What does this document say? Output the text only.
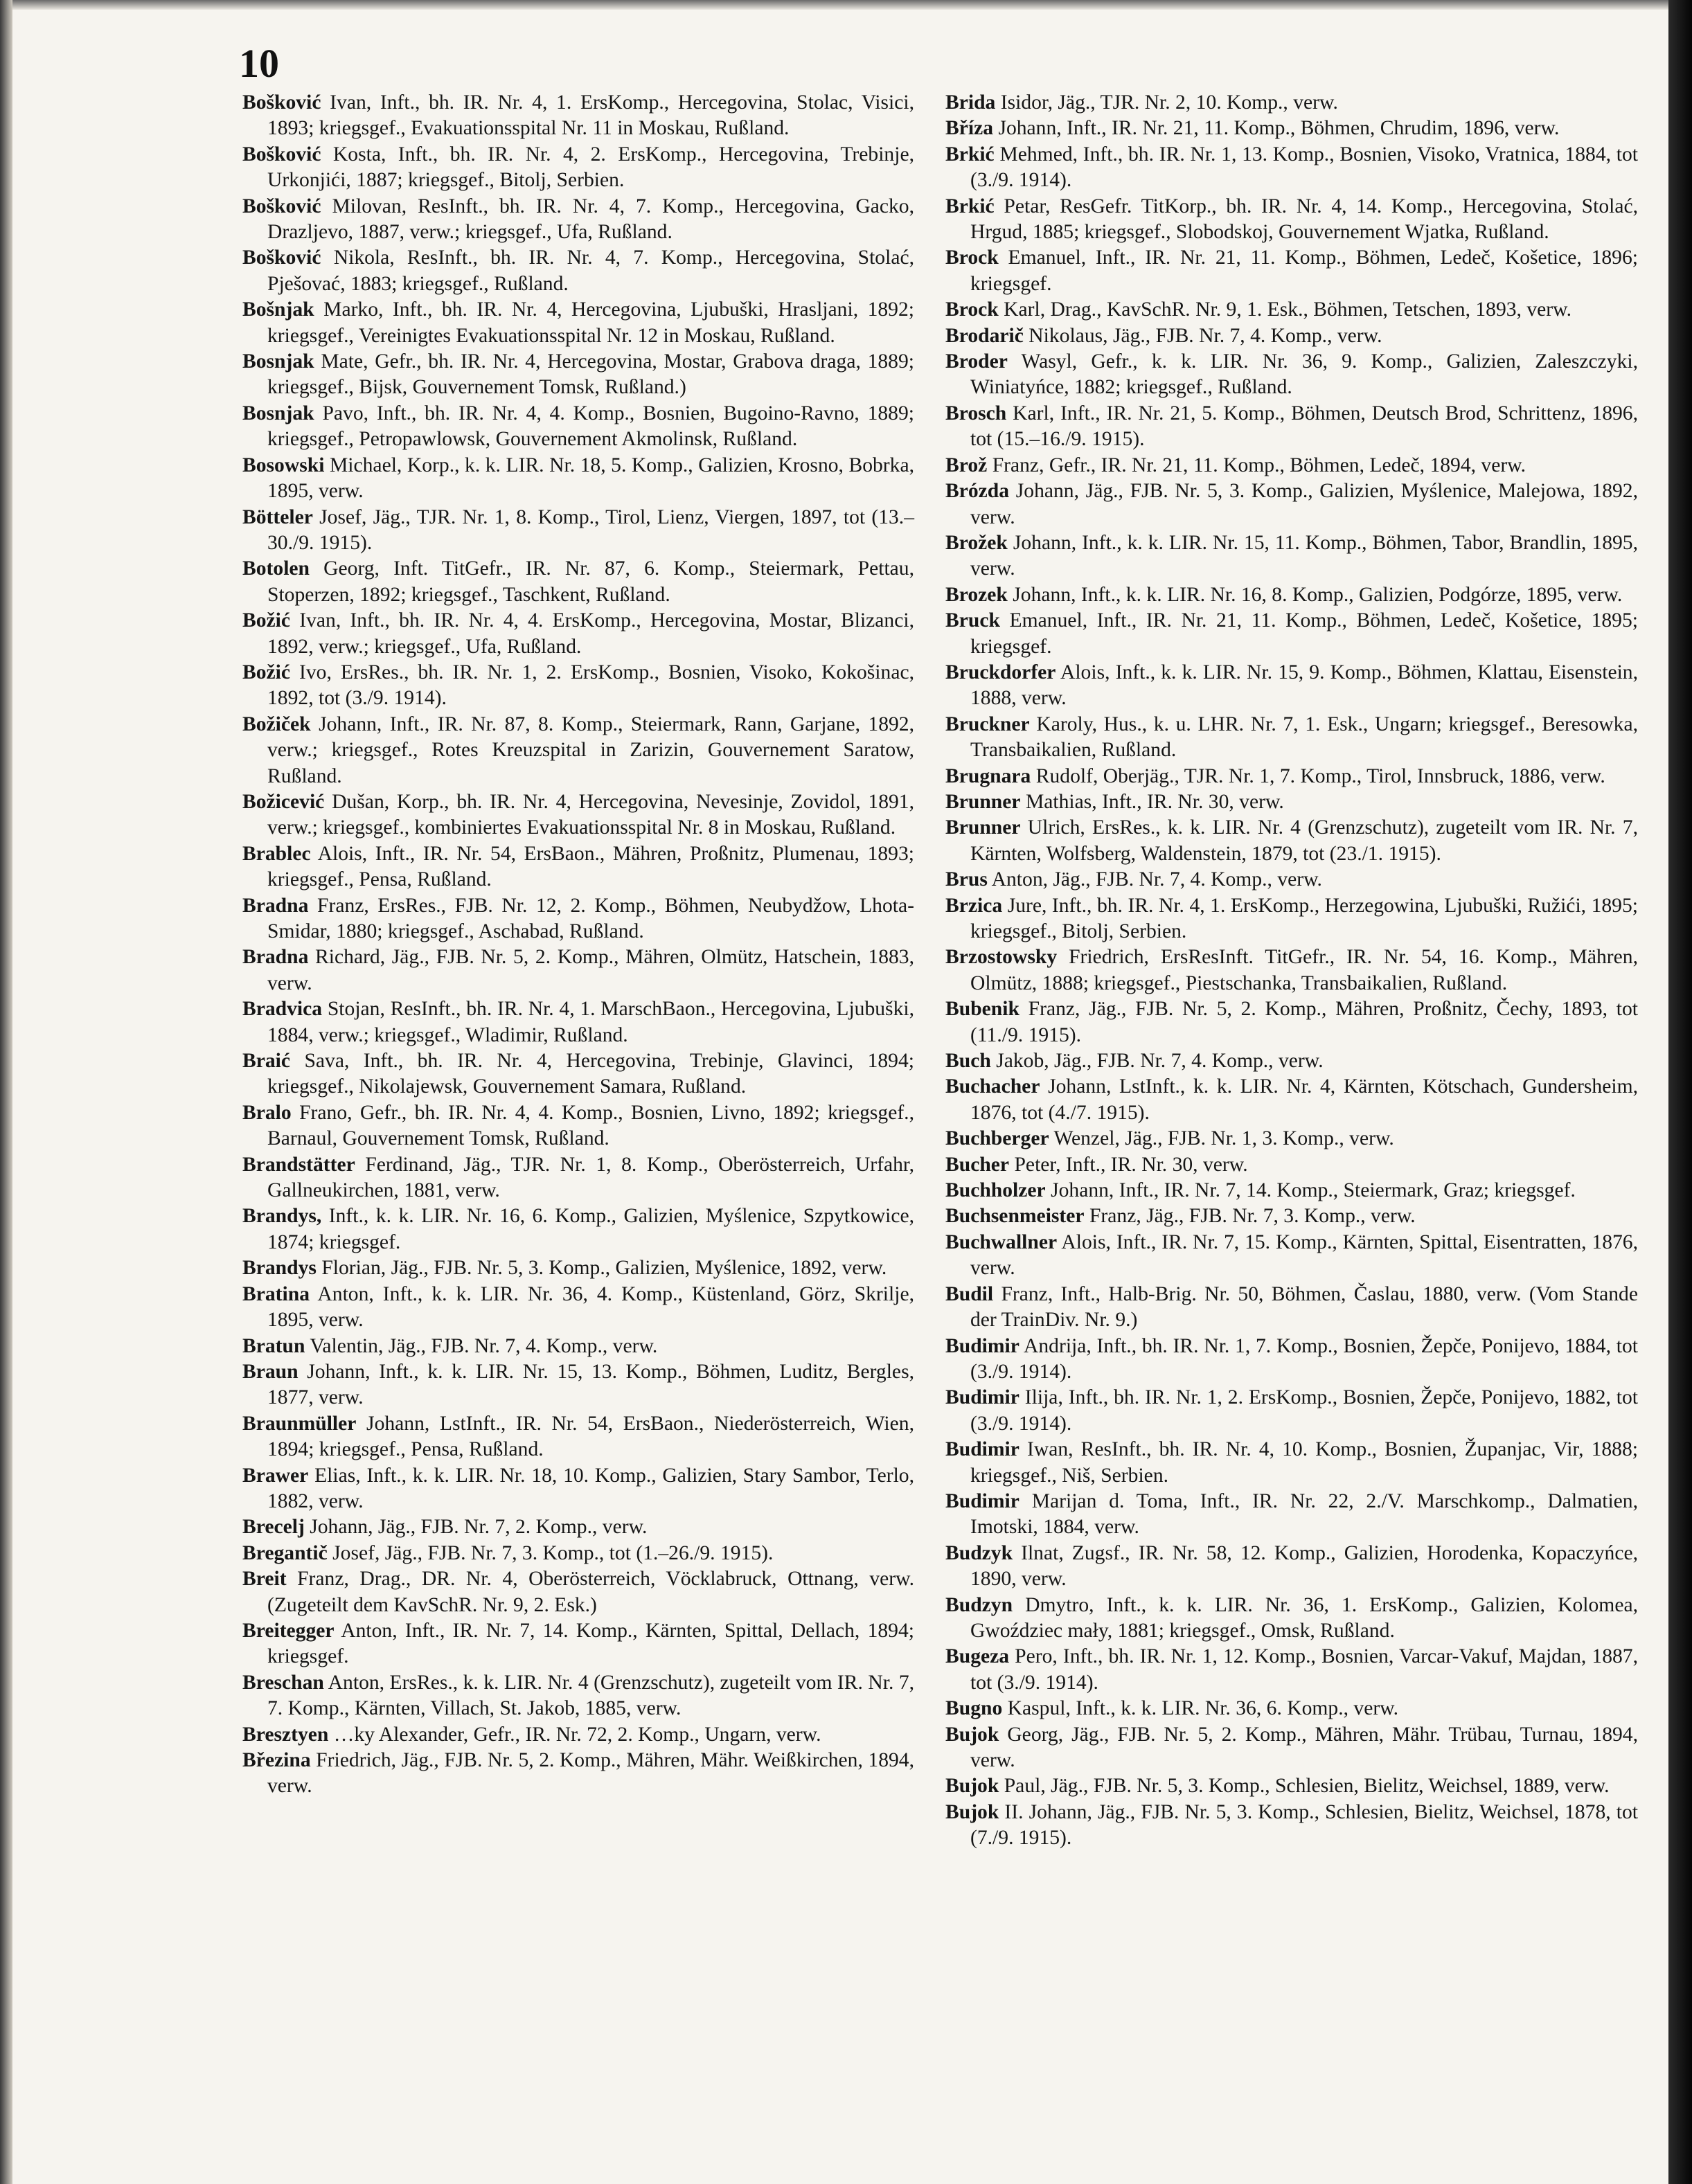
10

Bošković Ivan, Inft., bh. IR. Nr. 4, 1. ErsKomp., Hercegovina, Stolac, Visici, 1893; kriegsgef., Evakuationsspital Nr. 11 in Moskau, Rußland.

Bošković Kosta, Inft., bh. IR. Nr. 4, 2. ErsKomp., Hercegovina, Trebinje, Urkonjići, 1887; kriegsgef., Bitolj, Serbien.

Bošković Milovan, ResInft., bh. IR. Nr. 4, 7. Komp., Hercegovina, Gacko, Drazljevo, 1887, verw.; kriegsgef., Ufa, Rußland.

Bošković Nikola, ResInft., bh. IR. Nr. 4, 7. Komp., Hercegovina, Stolać, Pješovać, 1883; kriegsgef., Rußland.

Bošnjak Marko, Inft., bh. IR. Nr. 4, Hercegovina, Ljubuški, Hrasljani, 1892; kriegsgef., Vereinigtes Evakuationsspital Nr. 12 in Moskau, Rußland.

Bosnjak Mate, Gefr., bh. IR. Nr. 4, Hercegovina, Mostar, Grabova draga, 1889; kriegsgef., Bijsk, Gouvernement Tomsk, Rußland.)

Bosnjak Pavo, Inft., bh. IR. Nr. 4, 4. Komp., Bosnien, Bugoino-Ravno, 1889; kriegsgef., Petropawlowsk, Gouvernement Akmolinsk, Rußland.

Bosowski Michael, Korp., k. k. LIR. Nr. 18, 5. Komp., Galizien, Krosno, Bobrka, 1895, verw.

Bötteler Josef, Jäg., TJR. Nr. 1, 8. Komp., Tirol, Lienz, Viergen, 1897, tot (13.–30./9. 1915).

Botolen Georg, Inft. TitGefr., IR. Nr. 87, 6. Komp., Steiermark, Pettau, Stoperzen, 1892; kriegsgef., Taschkent, Rußland.

Božić Ivan, Inft., bh. IR. Nr. 4, 4. ErsKomp., Hercegovina, Mostar, Blizanci, 1892, verw.; kriegsgef., Ufa, Rußland.

Božić Ivo, ErsRes., bh. IR. Nr. 1, 2. ErsKomp., Bosnien, Visoko, Kokošinac, 1892, tot (3./9. 1914).

Božiček Johann, Inft., IR. Nr. 87, 8. Komp., Steiermark, Rann, Garjane, 1892, verw.; kriegsgef., Rotes Kreuzspital in Zarizin, Gouvernement Saratow, Rußland.

Božicević Dušan, Korp., bh. IR. Nr. 4, Hercegovina, Nevesinje, Zovidol, 1891, verw.; kriegsgef., kombiniertes Evakuationsspital Nr. 8 in Moskau, Rußland.

Brablec Alois, Inft., IR. Nr. 54, ErsBaon., Mähren, Proßnitz, Plumenau, 1893; kriegsgef., Pensa, Rußland.

Bradna Franz, ErsRes., FJB. Nr. 12, 2. Komp., Böhmen, Neubydžow, Lhota-Smidar, 1880; kriegsgef., Aschabad, Rußland.

Bradna Richard, Jäg., FJB. Nr. 5, 2. Komp., Mähren, Olmütz, Hatschein, 1883, verw.

Bradvica Stojan, ResInft., bh. IR. Nr. 4, 1. MarschBaon., Hercegovina, Ljubuški, 1884, verw.; kriegsgef., Wladimir, Rußland.

Braić Sava, Inft., bh. IR. Nr. 4, Hercegovina, Trebinje, Glavinci, 1894; kriegsgef., Nikolajewsk, Gouvernement Samara, Rußland.

Bralo Frano, Gefr., bh. IR. Nr. 4, 4. Komp., Bosnien, Livno, 1892; kriegsgef., Barnaul, Gouvernement Tomsk, Rußland.

Brandstätter Ferdinand, Jäg., TJR. Nr. 1, 8. Komp., Oberösterreich, Urfahr, Gallneukirchen, 1881, verw.

Brandys, Inft., k. k. LIR. Nr. 16, 6. Komp., Galizien, Myślenice, Szpytkowice, 1874; kriegsgef.

Brandys Florian, Jäg., FJB. Nr. 5, 3. Komp., Galizien, Myślenice, 1892, verw.

Bratina Anton, Inft., k. k. LIR. Nr. 36, 4. Komp., Küstenland, Görz, Skrilje, 1895, verw.

Bratun Valentin, Jäg., FJB. Nr. 7, 4. Komp., verw.

Braun Johann, Inft., k. k. LIR. Nr. 15, 13. Komp., Böhmen, Luditz, Bergles, 1877, verw.

Braunmüller Johann, LstInft., IR. Nr. 54, ErsBaon., Niederösterreich, Wien, 1894; kriegsgef., Pensa, Rußland.

Brawer Elias, Inft., k. k. LIR. Nr. 18, 10. Komp., Galizien, Stary Sambor, Terlo, 1882, verw.

Brecelj Johann, Jäg., FJB. Nr. 7, 2. Komp., verw.

Bregantič Josef, Jäg., FJB. Nr. 7, 3. Komp., tot (1.–26./9. 1915).

Breit Franz, Drag., DR. Nr. 4, Oberösterreich, Vöcklabruck, Ottnang, verw. (Zugeteilt dem KavSchR. Nr. 9, 2. Esk.)

Breitegger Anton, Inft., IR. Nr. 7, 14. Komp., Kärnten, Spittal, Dellach, 1894; kriegsgef.

Breschan Anton, ErsRes., k. k. LIR. Nr. 4 (Grenzschutz), zugeteilt vom IR. Nr. 7, 7. Komp., Kärnten, Villach, St. Jakob, 1885, verw.

Bresztyen …ky Alexander, Gefr., IR. Nr. 72, 2. Komp., Ungarn, verw.

Březina Friedrich, Jäg., FJB. Nr. 5, 2. Komp., Mähren, Mähr. Weißkirchen, 1894, verw.

Brida Isidor, Jäg., TJR. Nr. 2, 10. Komp., verw.

Bříza Johann, Inft., IR. Nr. 21, 11. Komp., Böhmen, Chrudim, 1896, verw.

Brkić Mehmed, Inft., bh. IR. Nr. 1, 13. Komp., Bosnien, Visoko, Vratnica, 1884, tot (3./9. 1914).

Brkić Petar, ResGefr. TitKorp., bh. IR. Nr. 4, 14. Komp., Hercegovina, Stolać, Hrgud, 1885; kriegsgef., Slobodskoj, Gouvernement Wjatka, Rußland.

Brock Emanuel, Inft., IR. Nr. 21, 11. Komp., Böhmen, Ledeč, Košetice, 1896; kriegsgef.

Brock Karl, Drag., KavSchR. Nr. 9, 1. Esk., Böhmen, Tetschen, 1893, verw.

Brodarič Nikolaus, Jäg., FJB. Nr. 7, 4. Komp., verw.

Broder Wasyl, Gefr., k. k. LIR. Nr. 36, 9. Komp., Galizien, Zaleszczyki, Winiatyńce, 1882; kriegsgef., Rußland.

Brosch Karl, Inft., IR. Nr. 21, 5. Komp., Böhmen, Deutsch Brod, Schrittenz, 1896, tot (15.–16./9. 1915).

Brož Franz, Gefr., IR. Nr. 21, 11. Komp., Böhmen, Ledeč, 1894, verw.

Brózda Johann, Jäg., FJB. Nr. 5, 3. Komp., Galizien, Myślenice, Malejowa, 1892, verw.

Brožek Johann, Inft., k. k. LIR. Nr. 15, 11. Komp., Böhmen, Tabor, Brandlin, 1895, verw.

Brozek Johann, Inft., k. k. LIR. Nr. 16, 8. Komp., Galizien, Podgórze, 1895, verw.

Bruck Emanuel, Inft., IR. Nr. 21, 11. Komp., Böhmen, Ledeč, Košetice, 1895; kriegsgef.

Bruckdorfer Alois, Inft., k. k. LIR. Nr. 15, 9. Komp., Böhmen, Klattau, Eisenstein, 1888, verw.

Bruckner Karoly, Hus., k. u. LHR. Nr. 7, 1. Esk., Ungarn; kriegsgef., Beresowka, Transbaikalien, Rußland.

Brugnara Rudolf, Oberjäg., TJR. Nr. 1, 7. Komp., Tirol, Innsbruck, 1886, verw.

Brunner Mathias, Inft., IR. Nr. 30, verw.

Brunner Ulrich, ErsRes., k. k. LIR. Nr. 4 (Grenzschutz), zugeteilt vom IR. Nr. 7, Kärnten, Wolfsberg, Waldenstein, 1879, tot (23./1. 1915).

Brus Anton, Jäg., FJB. Nr. 7, 4. Komp., verw.

Brzica Jure, Inft., bh. IR. Nr. 4, 1. ErsKomp., Herzegowina, Ljubuški, Ružići, 1895; kriegsgef., Bitolj, Serbien.

Brzostowsky Friedrich, ErsResInft. TitGefr., IR. Nr. 54, 16. Komp., Mähren, Olmütz, 1888; kriegsgef., Piestschanka, Transbaikalien, Rußland.

Bubenik Franz, Jäg., FJB. Nr. 5, 2. Komp., Mähren, Proßnitz, Čechy, 1893, tot (11./9. 1915).

Buch Jakob, Jäg., FJB. Nr. 7, 4. Komp., verw.

Buchacher Johann, LstInft., k. k. LIR. Nr. 4, Kärnten, Kötschach, Gundersheim, 1876, tot (4./7. 1915).

Buchberger Wenzel, Jäg., FJB. Nr. 1, 3. Komp., verw.

Bucher Peter, Inft., IR. Nr. 30, verw.

Buchholzer Johann, Inft., IR. Nr. 7, 14. Komp., Steiermark, Graz; kriegsgef.

Buchsenmeister Franz, Jäg., FJB. Nr. 7, 3. Komp., verw.

Buchwallner Alois, Inft., IR. Nr. 7, 15. Komp., Kärnten, Spittal, Eisentratten, 1876, verw.

Budil Franz, Inft., Halb-Brig. Nr. 50, Böhmen, Časlau, 1880, verw. (Vom Stande der TrainDiv. Nr. 9.)

Budimir Andrija, Inft., bh. IR. Nr. 1, 7. Komp., Bosnien, Žepče, Ponijevo, 1884, tot (3./9. 1914).

Budimir Ilija, Inft., bh. IR. Nr. 1, 2. ErsKomp., Bosnien, Žepče, Ponijevo, 1882, tot (3./9. 1914).

Budimir Iwan, ResInft., bh. IR. Nr. 4, 10. Komp., Bosnien, Županjac, Vir, 1888; kriegsgef., Niš, Serbien.

Budimir Marijan d. Toma, Inft., IR. Nr. 22, 2./V. Marschkomp., Dalmatien, Imotski, 1884, verw.

Budzyk Ilnat, Zugsf., IR. Nr. 58, 12. Komp., Galizien, Horodenka, Kopaczyńce, 1890, verw.

Budzyn Dmytro, Inft., k. k. LIR. Nr. 36, 1. ErsKomp., Galizien, Kolomea, Gwoździec mały, 1881; kriegsgef., Omsk, Rußland.

Bugeza Pero, Inft., bh. IR. Nr. 1, 12. Komp., Bosnien, Varcar-Vakuf, Majdan, 1887, tot (3./9. 1914).

Bugno Kaspul, Inft., k. k. LIR. Nr. 36, 6. Komp., verw.

Bujok Georg, Jäg., FJB. Nr. 5, 2. Komp., Mähren, Mähr. Trübau, Turnau, 1894, verw.

Bujok Paul, Jäg., FJB. Nr. 5, 3. Komp., Schlesien, Bielitz, Weichsel, 1889, verw.

Bujok II. Johann, Jäg., FJB. Nr. 5, 3. Komp., Schlesien, Bielitz, Weichsel, 1878, tot (7./9. 1915).
